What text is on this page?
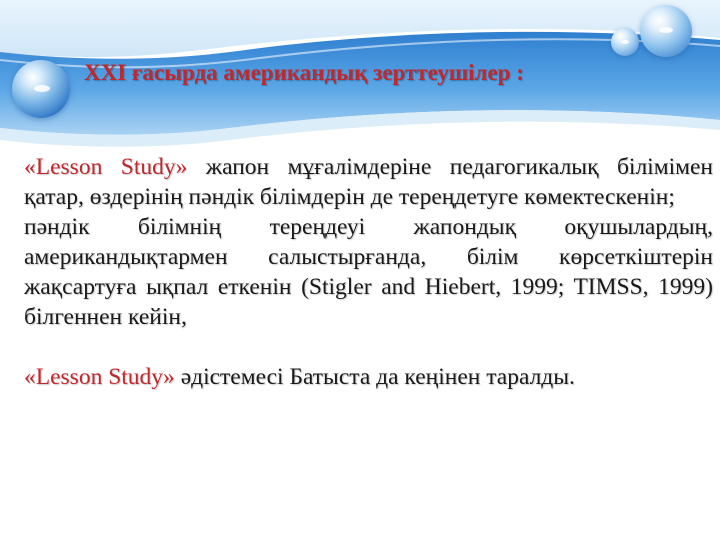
XXI ғасырда американдық зерттеушілер :

«Lesson Study» жапон мұғалімдеріне педагогикалық білімімен қатар, өздерінің пәндік білімдерін де тереңдетуге көмектескенін;

пәндік білімнің тереңдеуі жапондық оқушылардың, американдықтармен салыстырғанда, білім көрсеткіштерін жақсартуға ықпал еткенін (Stigler and Hiebert, 1999; TIMSS, 1999) білгеннен кейін,

«Lesson Study» әдістемесі Батыста да кеңінен таралды.
